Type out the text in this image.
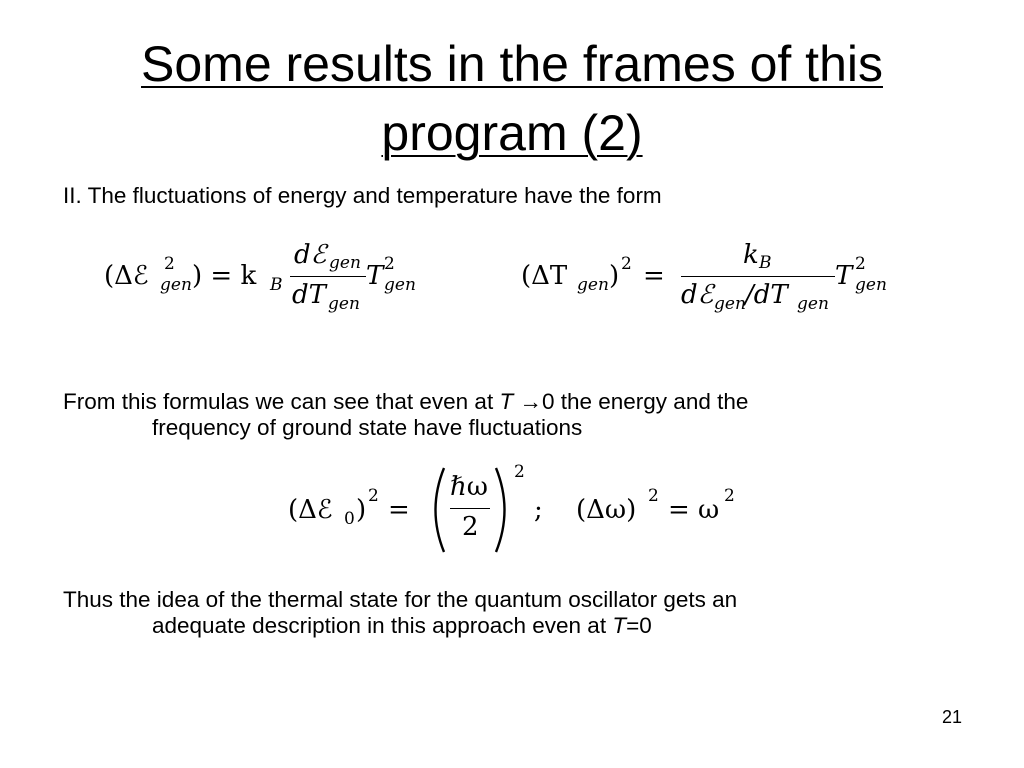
Some results in the frames of this
program (2)
II. The fluctuations of energy and temperature have the form
(Δℰ 2
gen ) = k B
dℰ gen
dT gen
T 2
gen	(ΔT gen ) 2 =
k B
dℰ gen /dT gen
T 2
gen
From this formulas we can see that even at T →0 the energy and the
frequency of ground state have fluctuations
(Δℰ 0 ) 2 =
ℏω
2
2
; (Δω) 2 = ω 2
Thus the idea of the thermal state for the quantum oscillator gets an
adequate description in this approach even at T=0
21
